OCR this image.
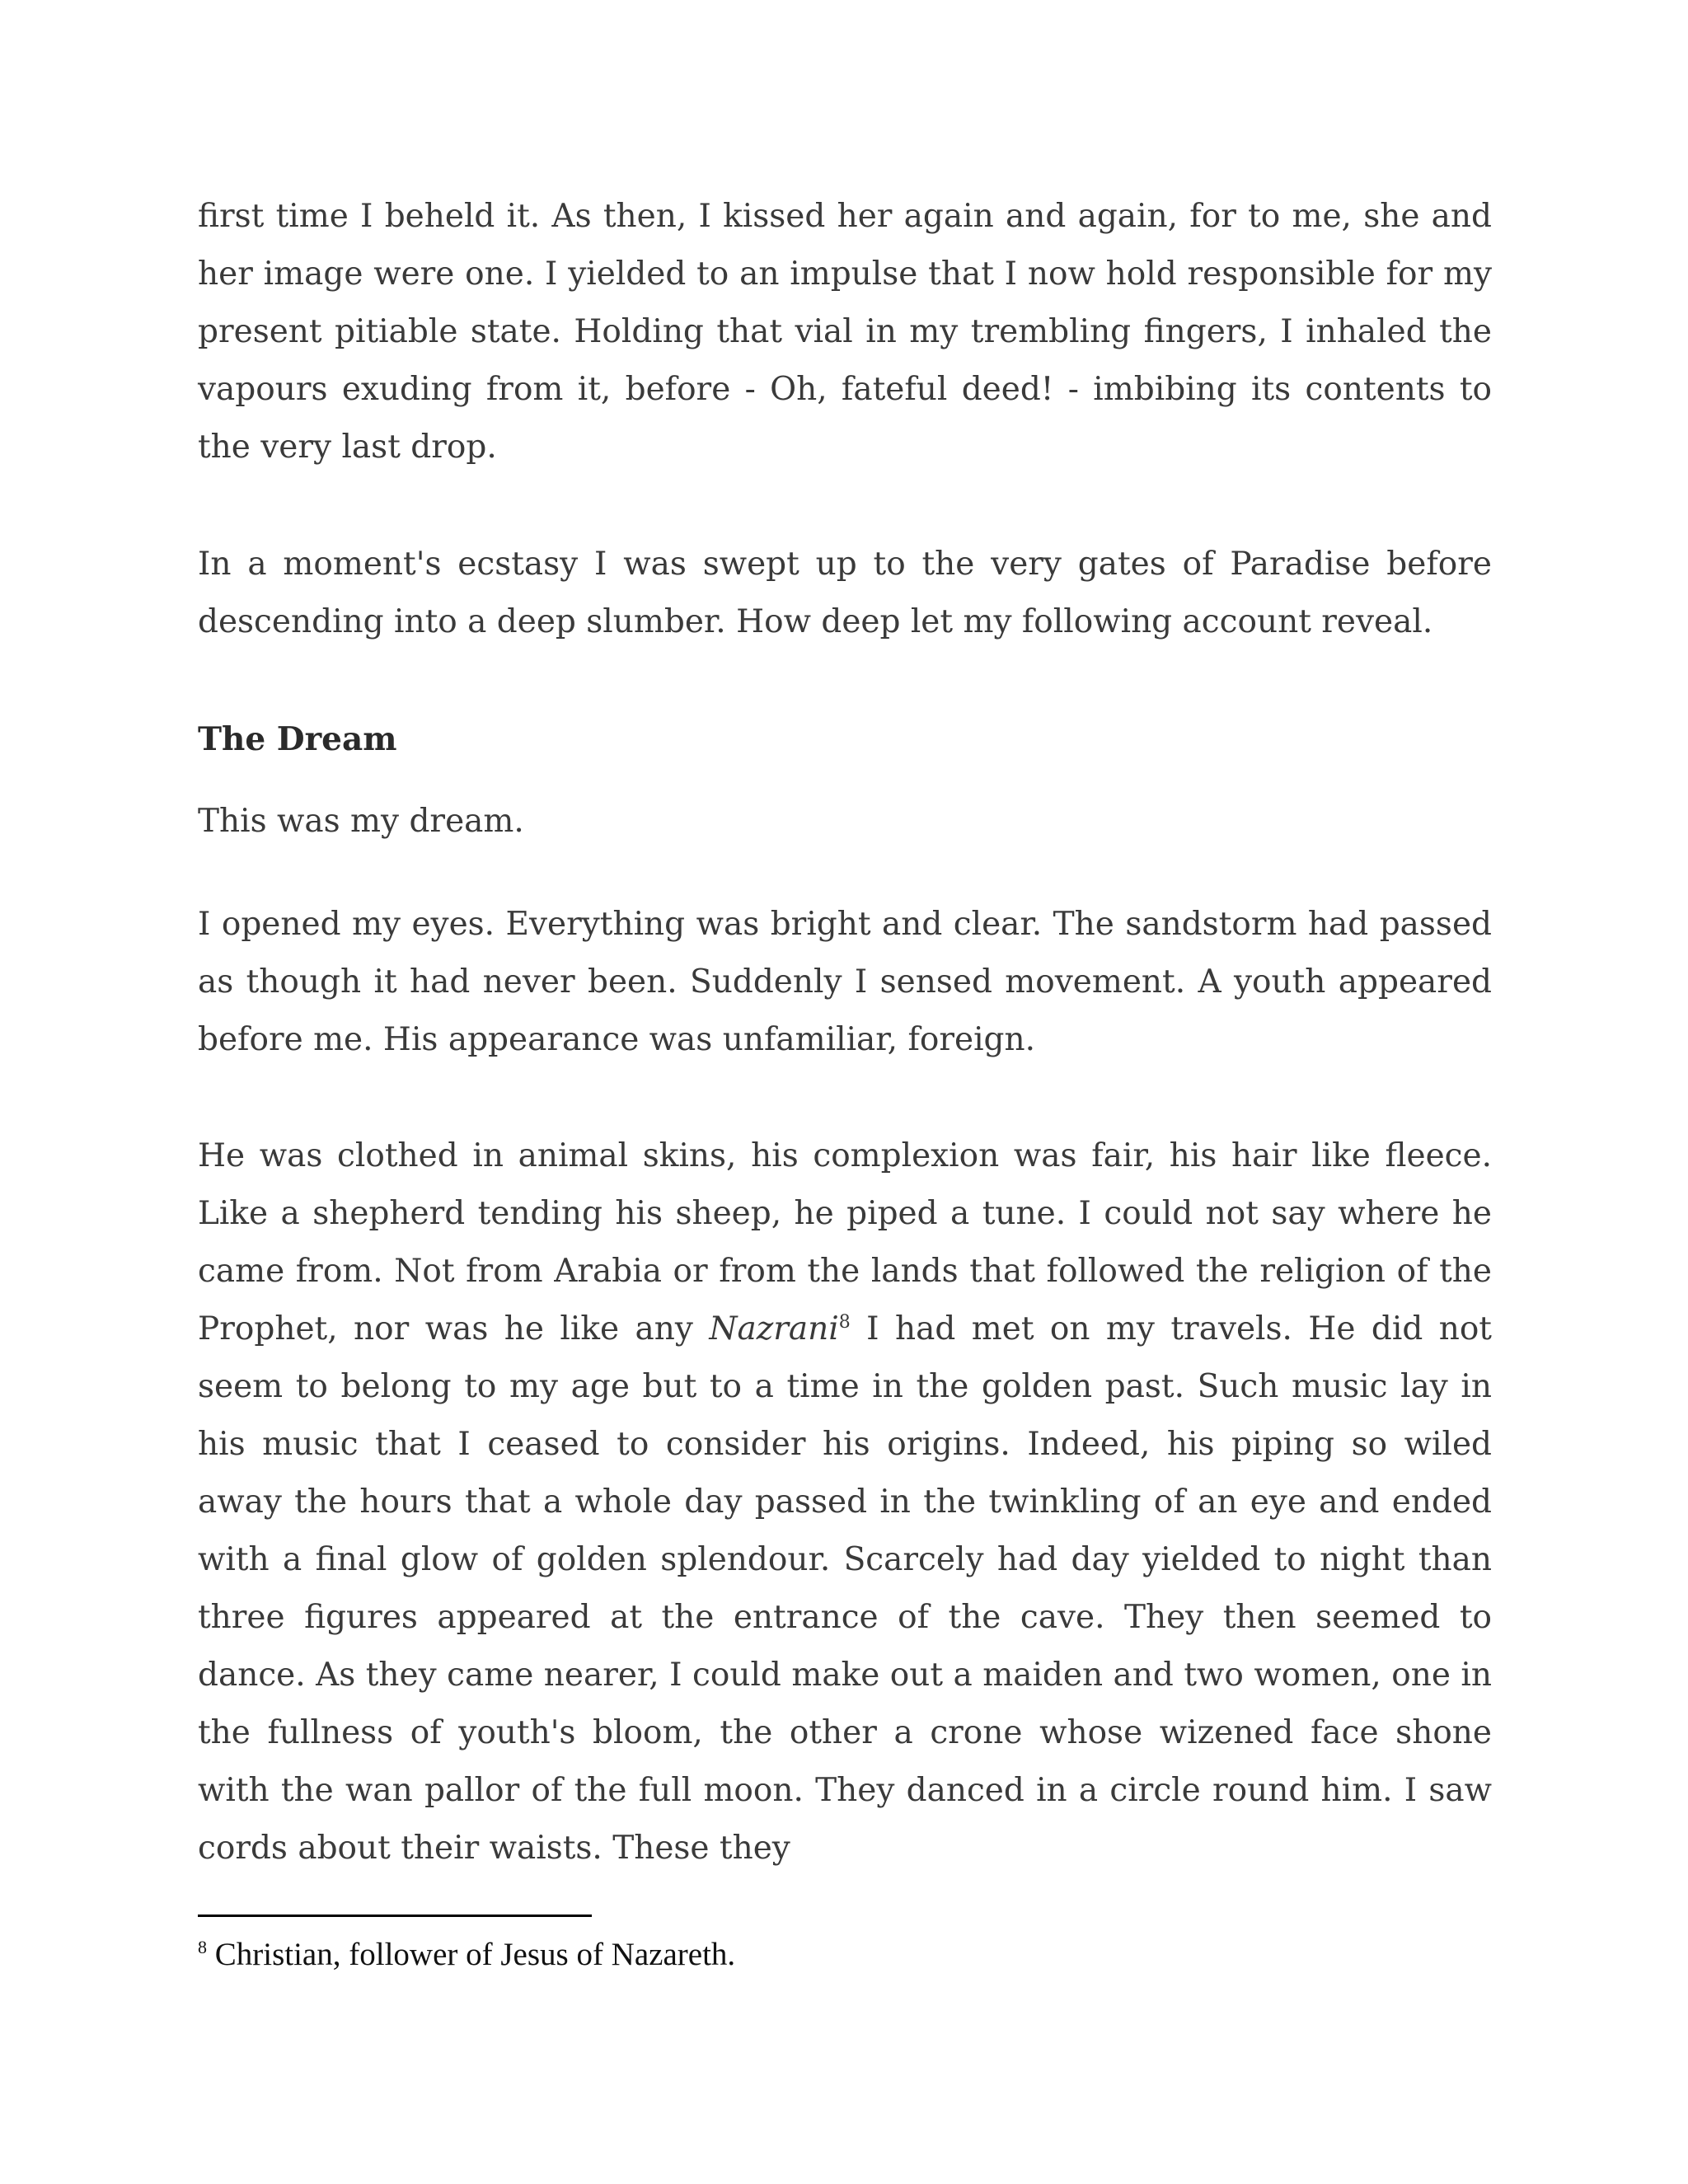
first time I beheld it. As then, I kissed her again and again, for to me, she and her image were one. I yielded to an impulse that I now hold responsible for my present pitiable state. Holding that vial in my trembling fingers, I inhaled the vapours exuding from it, before - Oh, fateful deed! - imbibing its contents to the very last drop.

In a moment's ecstasy I was swept up to the very gates of Paradise before descending into a deep slumber. How deep let my following account reveal.

The Dream

This was my dream.

I opened my eyes. Everything was bright and clear. The sandstorm had passed as though it had never been. Suddenly I sensed movement. A youth appeared before me. His appearance was unfamiliar, foreign.

He was clothed in animal skins, his complexion was fair, his hair like fleece. Like a shepherd tending his sheep, he piped a tune. I could not say where he came from. Not from Arabia or from the lands that followed the religion of the Prophet, nor was he like any Nazrani$^8$ I had met on my travels. He did not seem to belong to my age but to a time in the golden past. Such music lay in his music that I ceased to consider his origins. Indeed, his piping so wiled away the hours that a whole day passed in the twinkling of an eye and ended with a final glow of golden splendour. Scarcely had day yielded to night than three figures appeared at the entrance of the cave. They then seemed to dance. As they came nearer, I could make out a maiden and two women, one in the fullness of youth's bloom, the other a crone whose wizened face shone with the wan pallor of the full moon. They danced in a circle round him. I saw cords about their waists. These they

$^8$ Christian, follower of Jesus of Nazareth.
